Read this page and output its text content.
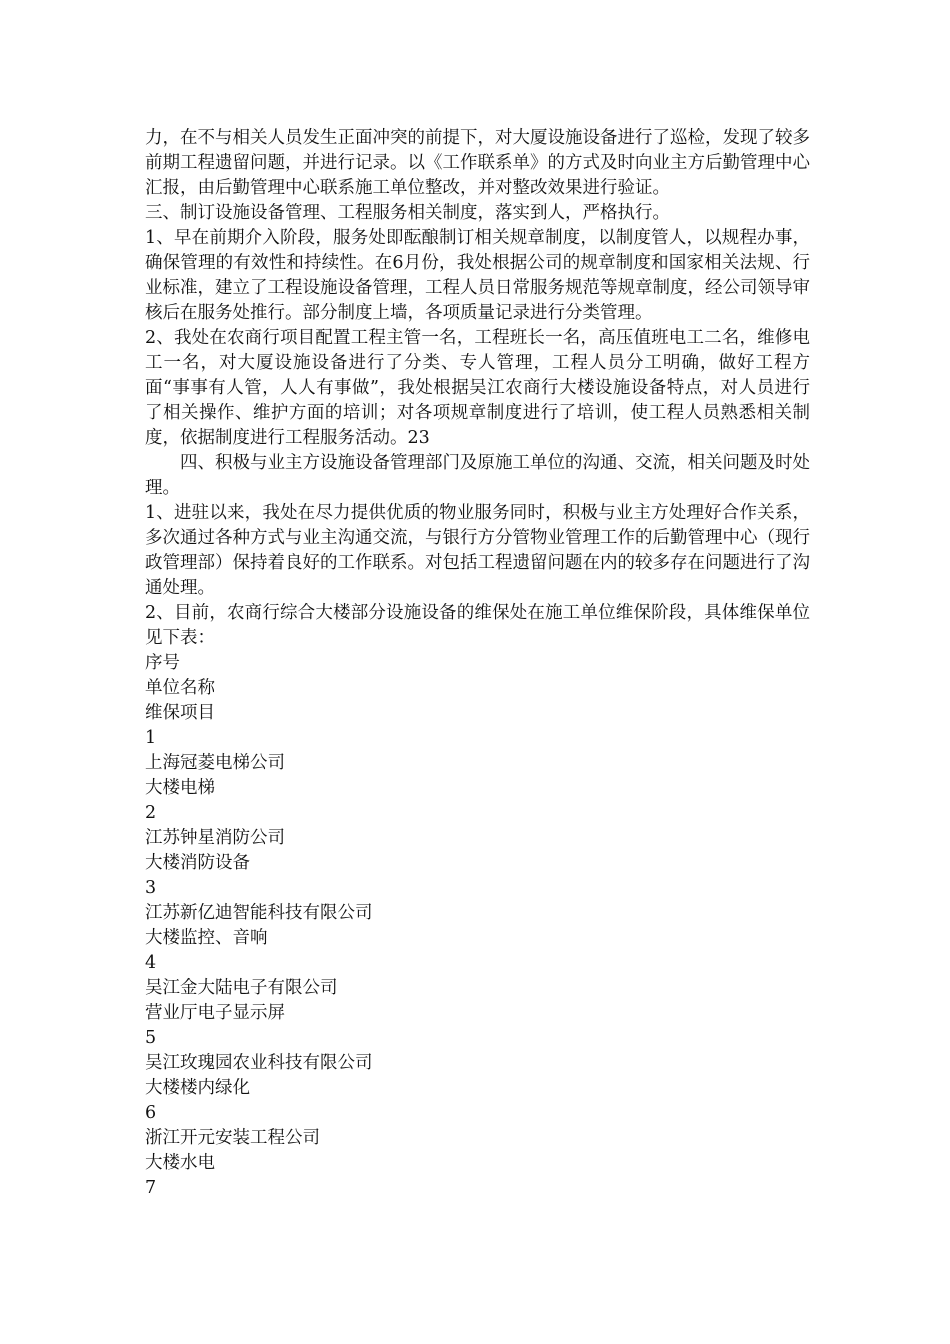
力，在不与相关人员发生正面冲突的前提下，对大厦设施设备进行了巡检，发现了较多前期工程遗留问题，并进行记录。以《工作联系单》的方式及时向业主方后勤管理中心汇报，由后勤管理中心联系施工单位整改，并对整改效果进行验证。

三、制订设施设备管理、工程服务相关制度，落实到人，严格执行。

1、早在前期介入阶段，服务处即酝酿制订相关规章制度，以制度管人，以规程办事，确保管理的有效性和持续性。在6月份，我处根据公司的规章制度和国家相关法规、行业标准，建立了工程设施设备管理，工程人员日常服务规范等规章制度，经公司领导审核后在服务处推行。部分制度上墙，各项质量记录进行分类管理。

2、我处在农商行项目配置工程主管一名，工程班长一名，高压值班电工二名，维修电工一名，对大厦设施设备进行了分类、专人管理，工程人员分工明确，做好工程方面“事事有人管，人人有事做”，我处根据吴江农商行大楼设施设备特点，对人员进行了相关操作、维护方面的培训；对各项规章制度进行了培训，使工程人员熟悉相关制度，依据制度进行工程服务活动。23

四、积极与业主方设施设备管理部门及原施工单位的沟通、交流，相关问题及时处理。

1、进驻以来，我处在尽力提供优质的物业服务同时，积极与业主方处理好合作关系，多次通过各种方式与业主沟通交流，与银行方分管物业管理工作的后勤管理中心（现行政管理部）保持着良好的工作联系。对包括工程遗留问题在内的较多存在问题进行了沟通处理。

2、目前，农商行综合大楼部分设施设备的维保处在施工单位维保阶段，具体维保单位见下表：

序号

单位名称

维保项目

1

上海冠菱电梯公司

大楼电梯

2

江苏钟星消防公司

大楼消防设备

3

江苏新亿迪智能科技有限公司

大楼监控、音响

4

吴江金大陆电子有限公司

营业厅电子显示屏

5

吴江玫瑰园农业科技有限公司

大楼楼内绿化

6

浙江开元安装工程公司

大楼水电

7
